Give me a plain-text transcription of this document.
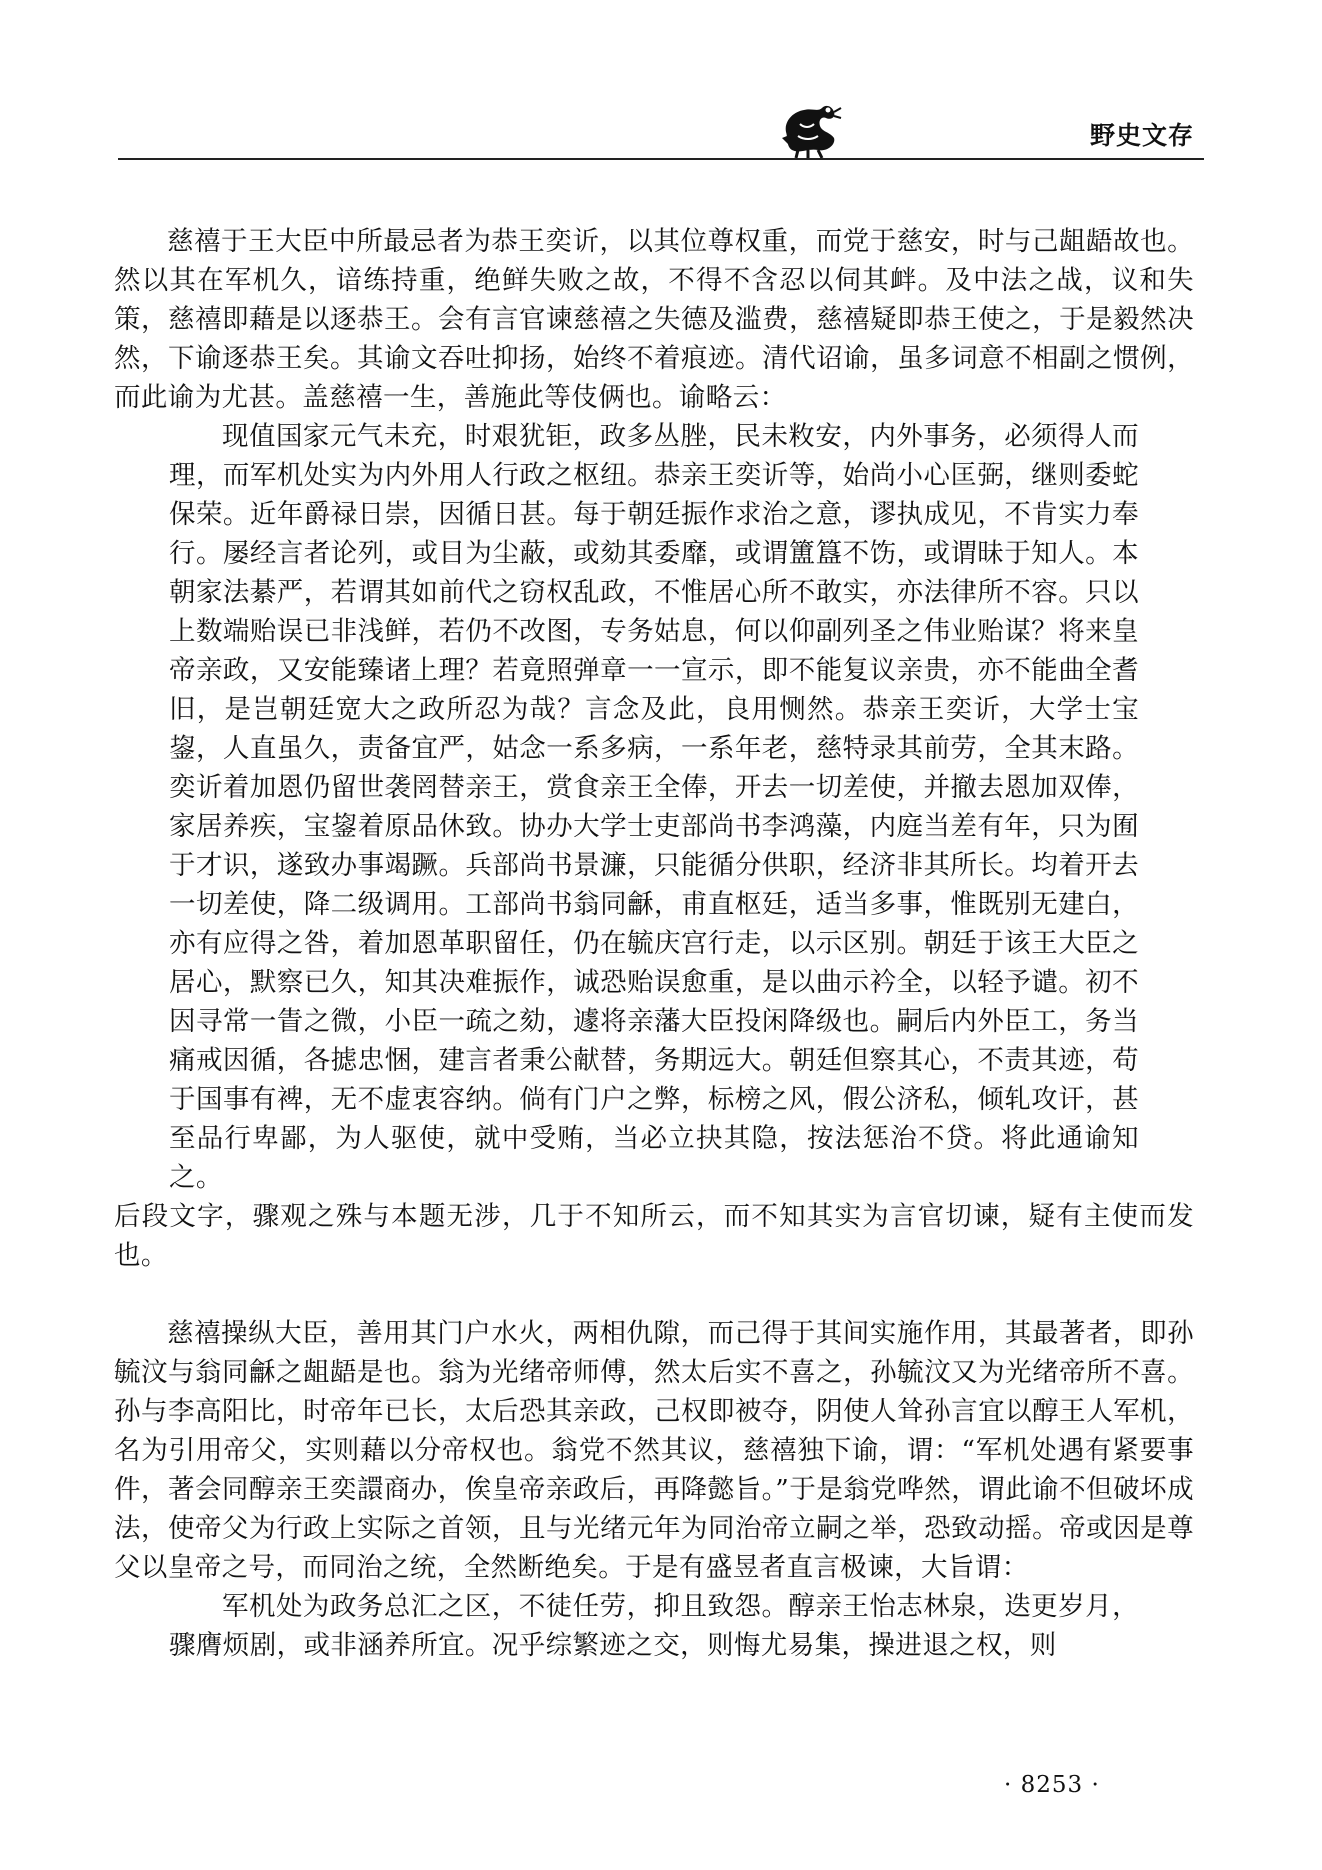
野史文存

慈禧于王大臣中所最忌者为恭王奕䜣，以其位尊权重，而党于慈安，时与己龃龉故也。然以其在军机久，谙练持重，绝鲜失败之故，不得不含忍以伺其衅。及中法之战，议和失策，慈禧即藉是以逐恭王。会有言官谏慈禧之失德及滥费，慈禧疑即恭王使之，于是毅然决然，下谕逐恭王矣。其谕文吞吐抑扬，始终不着痕迹。清代诏谕，虽多词意不相副之惯例，而此谕为尤甚。盖慈禧一生，善施此等伎俩也。谕略云：

现值国家元气未充，时艰犹钜，政多丛脞，民未敉安，内外事务，必须得人而理，而军机处实为内外用人行政之枢纽。恭亲王奕䜣等，始尚小心匡弼，继则委蛇保荣。近年爵禄日崇，因循日甚。每于朝廷振作求治之意，谬执成见，不肯实力奉行。屡经言者论列，或目为尘蔽，或劾其委靡，或谓簠簋不饬，或谓昧于知人。本朝家法綦严，若谓其如前代之窃权乱政，不惟居心所不敢实，亦法律所不容。只以上数端贻误已非浅鲜，若仍不改图，专务姑息，何以仰副列圣之伟业贻谋？将来皇帝亲政，又安能臻诸上理？若竟照弹章一一宣示，即不能复议亲贵，亦不能曲全耆旧，是岂朝廷宽大之政所忍为哉？言念及此，良用恻然。恭亲王奕䜣，大学士宝鋆，人直虽久，责备宜严，姑念一系多病，一系年老，慈特录其前劳，全其末路。奕䜣着加恩仍留世袭罔替亲王，赏食亲王全俸，开去一切差使，并撤去恩加双俸，家居养疾，宝鋆着原品休致。协办大学士吏部尚书李鸿藻，内庭当差有年，只为囿于才识，遂致办事竭蹶。兵部尚书景濂，只能循分供职，经济非其所长。均着开去一切差使，降二级调用。工部尚书翁同龢，甫直枢廷，适当多事，惟既别无建白，亦有应得之咎，着加恩革职留任，仍在毓庆宫行走，以示区别。朝廷于该王大臣之居心，默察已久，知其决难振作，诚恐贻误愈重，是以曲示衿全，以轻予谴。初不因寻常一眚之微，小臣一疏之劾，遽将亲藩大臣投闲降级也。嗣后内外臣工，务当痛戒因循，各摅忠悃，建言者秉公献替，务期远大。朝廷但察其心，不责其迹，苟于国事有裨，无不虚衷容纳。倘有门户之弊，标榜之风，假公济私，倾轧攻讦，甚至品行卑鄙，为人驱使，就中受贿，当必立抉其隐，按法惩治不贷。将此通谕知之。

后段文字，骤观之殊与本题无涉，几于不知所云，而不知其实为言官切谏，疑有主使而发也。

慈禧操纵大臣，善用其门户水火，两相仇隙，而己得于其间实施作用，其最著者，即孙毓汶与翁同龢之龃龉是也。翁为光绪帝师傅，然太后实不喜之，孙毓汶又为光绪帝所不喜。孙与李高阳比，时帝年已长，太后恐其亲政，己权即被夺，阴使人耸孙言宜以醇王人军机，名为引用帝父，实则藉以分帝权也。翁党不然其议，慈禧独下谕，谓：“军机处遇有紧要事件，著会同醇亲王奕譞商办，俟皇帝亲政后，再降懿旨。”于是翁党哗然，谓此谕不但破坏成法，使帝父为行政上实际之首领，且与光绪元年为同治帝立嗣之举，恐致动摇。帝或因是尊父以皇帝之号，而同治之统，全然断绝矣。于是有盛昱者直言极谏，大旨谓：

军机处为政务总汇之区，不徒任劳，抑且致怨。醇亲王怡志林泉，迭更岁月，骤膺烦剧，或非涵养所宜。况乎综繁迹之交，则悔尤易集，操进退之权，则

· 8253 ·
